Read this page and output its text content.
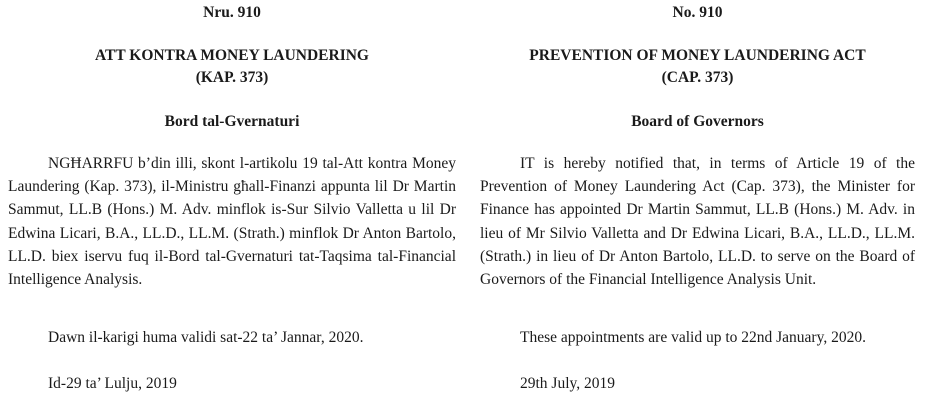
Nru. 910

ATT KONTRA MONEY LAUNDERING
(KAP. 373)
Bord tal-Gvernaturi

NGĦARRFU b’din illi, skont l-artikolu 19 tal-Att kontra Money Laundering (Kap. 373), il-Ministru għall-Finanzi appunta lil Dr Martin Sammut, LL.B (Hons.) M. Adv. minflok is-Sur Silvio Valletta u lil Dr Edwina Licari, B.A., LL.D., LL.M. (Strath.) minflok Dr Anton Bartolo, LL.D. biex iservu fuq il-Bord tal-Gvernaturi tat-Taqsima tal-Financial Intelligence Analysis.

Dawn il-karigi huma validi sat-22 ta’ Jannar, 2020.

Id-29 ta’ Lulju, 2019

No. 910

PREVENTION OF MONEY LAUNDERING ACT
(CAP. 373)
Board of Governors

IT is hereby notified that, in terms of Article 19 of the Prevention of Money Laundering Act (Cap. 373), the Minister for Finance has appointed Dr Martin Sammut, LL.B (Hons.) M. Adv. in lieu of Mr Silvio Valletta and Dr Edwina Licari, B.A., LL.D., LL.M. (Strath.) in lieu of Dr Anton Bartolo, LL.D. to serve on the Board of Governors of the Financial Intelligence Analysis Unit.

These appointments are valid up to 22nd January, 2020.

29th July, 2019
